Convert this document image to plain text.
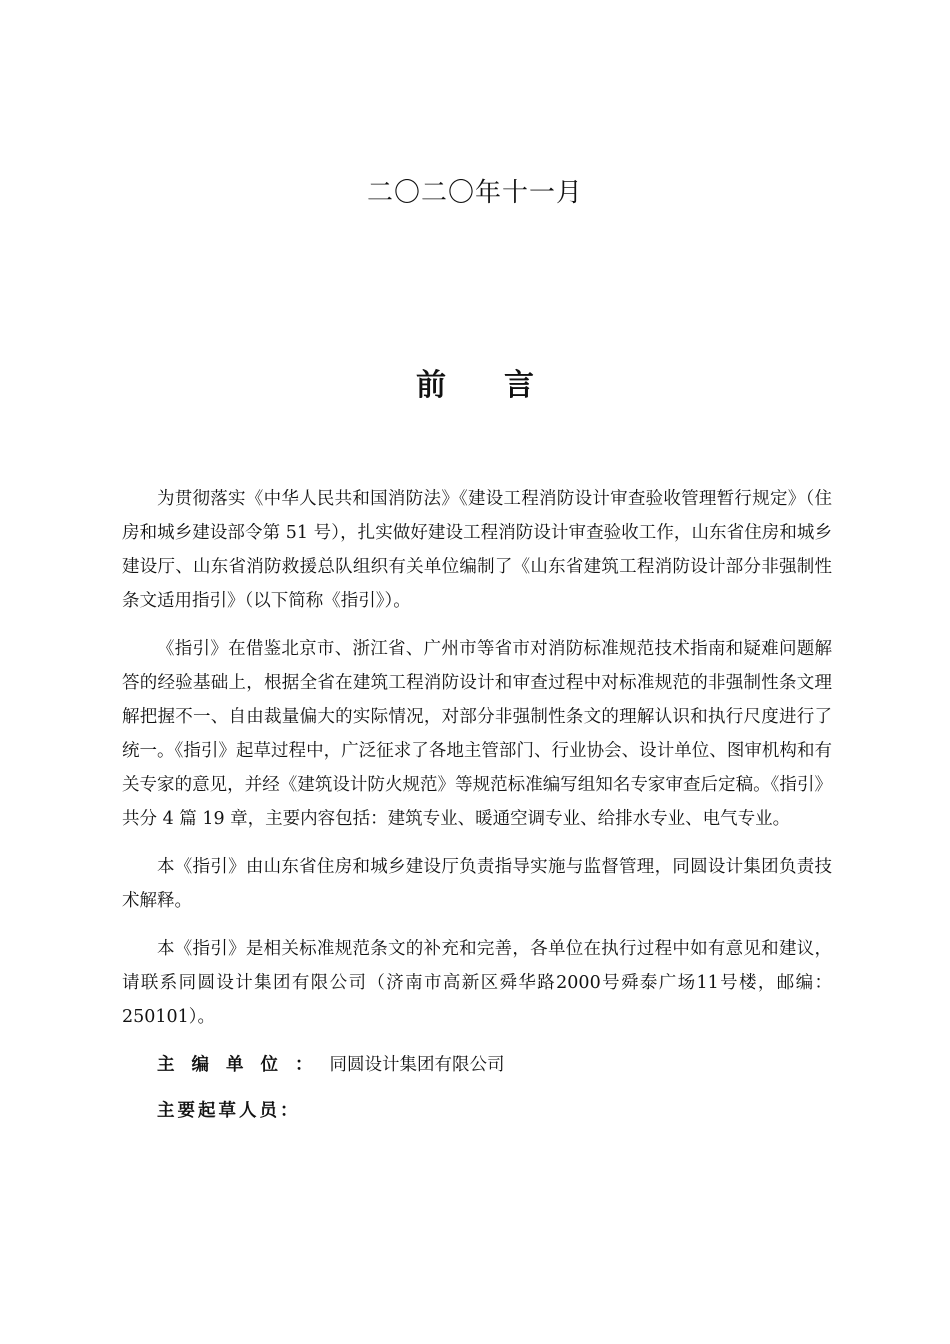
二〇二〇年十一月
前 言

为贯彻落实《中华人民共和国消防法》《建设工程消防设计审查验收管理暂行规定》（住房和城乡建设部令第 51 号），扎实做好建设工程消防设计审查验收工作，山东省住房和城乡建设厅、山东省消防救援总队组织有关单位编制了《山东省建筑工程消防设计部分非强制性条文适用指引》（以下简称《指引》）。

《指引》在借鉴北京市、浙江省、广州市等省市对消防标准规范技术指南和疑难问题解答的经验基础上，根据全省在建筑工程消防设计和审查过程中对标准规范的非强制性条文理解把握不一、自由裁量偏大的实际情况，对部分非强制性条文的理解认识和执行尺度进行了统一。《指引》起草过程中，广泛征求了各地主管部门、行业协会、设计单位、图审机构和有关专家的意见，并经《建筑设计防火规范》等规范标准编写组知名专家审查后定稿。《指引》共分 4 篇 19 章，主要内容包括：建筑专业、暖通空调专业、给排水专业、电气专业。

本《指引》由山东省住房和城乡建设厅负责指导实施与监督管理，同圆设计集团负责技术解释。

本《指引》是相关标准规范条文的补充和完善，各单位在执行过程中如有意见和建议，请联系同圆设计集团有限公司（济南市高新区舜华路2000号舜泰广场11号楼，邮编：250101）。

主编单位：同圆设计集团有限公司
主要起草人员：
